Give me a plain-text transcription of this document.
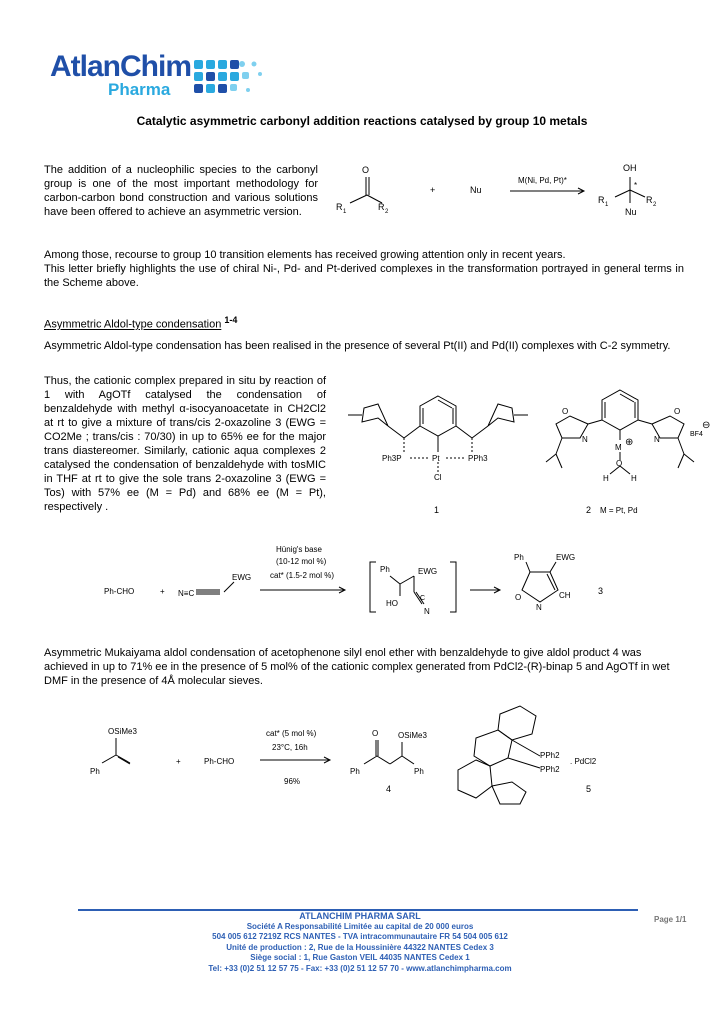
AtlanChim
Pharma
Catalytic asymmetric carbonyl addition reactions catalysed by group 10 metals
The addition of a nucleophilic species to the carbonyl group is one of the most important methodology for carbon-carbon bond construction and various solutions have been offered to achieve an asymmetric version.
O
R 1	R 2
+	Nu
M(Ni, Pd, Pt)*
OH
R 1	R 2
*
Nu
Among those, recourse to group 10 transition elements has received growing attention only in recent years.
This letter briefly highlights the use of chiral Ni-, Pd- and Pt-derived complexes in the transformation portrayed in general terms in the Scheme above.
Asymmetric Aldol-type condensation $^{1-4}$
Asymmetric Aldol-type condensation has been realised in the presence of several Pt(II) and Pd(II) complexes with C-2 symmetry.
Thus, the cationic complex prepared in situ by reaction of 1 with AgOTf catalysed the condensation of benzaldehyde with methyl α-isocyanoacetate in CH2Cl2 at rt to give a mixture of trans/cis 2-oxazoline 3 (EWG = CO2Me ; trans/cis : 70/30) in up to 65% ee for the major trans diastereomer. Similarly, cationic aqua complexes 2 catalysed the condensation of benzaldehyde with tosMIC in THF at rt to give the sole trans 2-oxazoline 3 (EWG = Tos) with 57% ee (M = Pd) and 68% ee (M = Pt), respectively .
Ph3P	Pt	PPh3
Cl
1
O	O
N	N
M ⊕
O
H	H
BF4
⊖
2 M = Pt, Pd
Ph-CHO	+ N≡C
EWG
Hünig's base
(10-12 mol %)
cat* (1.5-2 mol %)
Ph	EWG
HO
C
N
Ph	EWG
O
N
CH	3
Asymmetric Mukaiyama aldol condensation of acetophenone silyl enol ether with benzaldehyde to give aldol product 4 was achieved in up to 71% ee in the presence of 5 mol% of the cationic complex generated from PdCl2-(R)-binap 5 and AgOTf in wet DMF in the presence of 4Å molecular sieves.
OSiMe3
Ph
+	Ph-CHO
cat* (5 mol %)
23°C, 16h
96%
O OSiMe3
Ph	Ph
4
PPh2
PPh2
. PdCl2
5
ATLANCHIM PHARMA SARL
Société A Responsabilité Limitée au capital de 20 000 euros
504 005 612 7219Z RCS NANTES - TVA intracommunautaire FR 54 504 005 612
Unité de production : 2, Rue de la Houssinière 44322 NANTES Cedex 3
Siège social : 1, Rue Gaston VEIL 44035 NANTES Cedex 1
Tel: +33 (0)2 51 12 57 75 - Fax: +33 (0)2 51 12 57 70 - www.atlanchimpharma.com
Page 1/1
